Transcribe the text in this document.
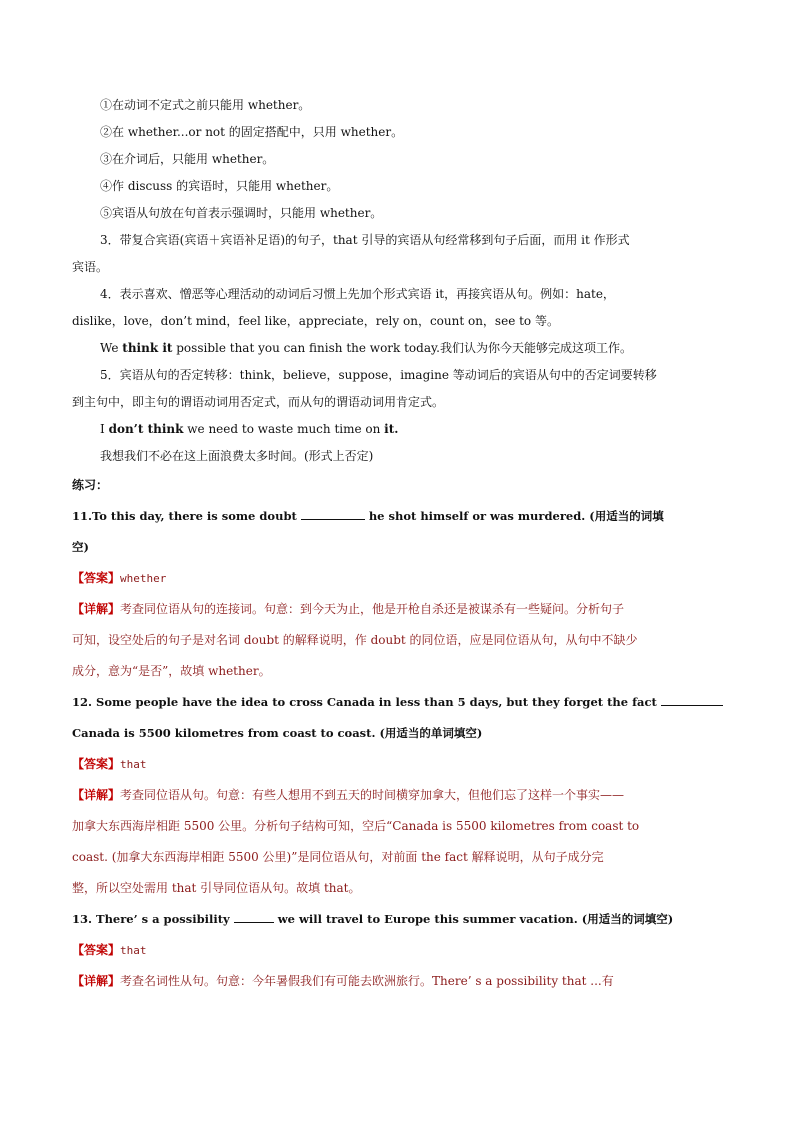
①在动词不定式之前只能用 whether。
②在 whether...or not 的固定搭配中，只用 whether。
③在介词后，只能用 whether。
④作 discuss 的宾语时，只能用 whether。
⑤宾语从句放在句首表示强调时，只能用 whether。
3．带复合宾语(宾语＋宾语补足语)的句子，that 引导的宾语从句经常移到句子后面，而用 it 作形式
宾语。
4．表示喜欢、憎恶等心理活动的动词后习惯上先加个形式宾语 it，再接宾语从句。例如：hate，
dislike，love，don’t mind，feel like，appreciate，rely on，count on，see to 等。
We think it possible that you can finish the work today.我们认为你今天能够完成这项工作。
5．宾语从句的否定转移：think，believe，suppose，imagine 等动词后的宾语从句中的否定词要转移
到主句中，即主句的谓语动词用否定式，而从句的谓语动词用肯定式。
I don’t think we need to waste much time on it.
我想我们不必在这上面浪费太多时间。(形式上否定)
练习：
11.To this day, there is some doubt	he shot himself or was murdered. (用适当的词填
空)
【答案】whether
【详解】考查同位语从句的连接词。句意：到今天为止，他是开枪自杀还是被谋杀有一些疑问。分析句子
可知，设空处后的句子是对名词 doubt 的解释说明，作 doubt 的同位语，应是同位语从句，从句中不缺少
成分，意为“是否”，故填 whether。
12. Some people have the idea to cross Canada in less than 5 days, but they forget the fact
Canada is 5500 kilometres from coast to coast. (用适当的单词填空)
【答案】that
【详解】考查同位语从句。句意：有些人想用不到五天的时间横穿加拿大，但他们忘了这样一个事实——
加拿大东西海岸相距 5500 公里。分析句子结构可知，空后“Canada is 5500 kilometres from coast to
coast. (加拿大东西海岸相距 5500 公里)”是同位语从句，对前面 the fact 解释说明，从句子成分完
整，所以空处需用 that 引导同位语从句。故填 that。
13. There’ s a possibility	we will travel to Europe this summer vacation. (用适当的词填空)
【答案】that
【详解】考查名词性从句。句意：今年暑假我们有可能去欧洲旅行。There’ s a possibility that ...有
